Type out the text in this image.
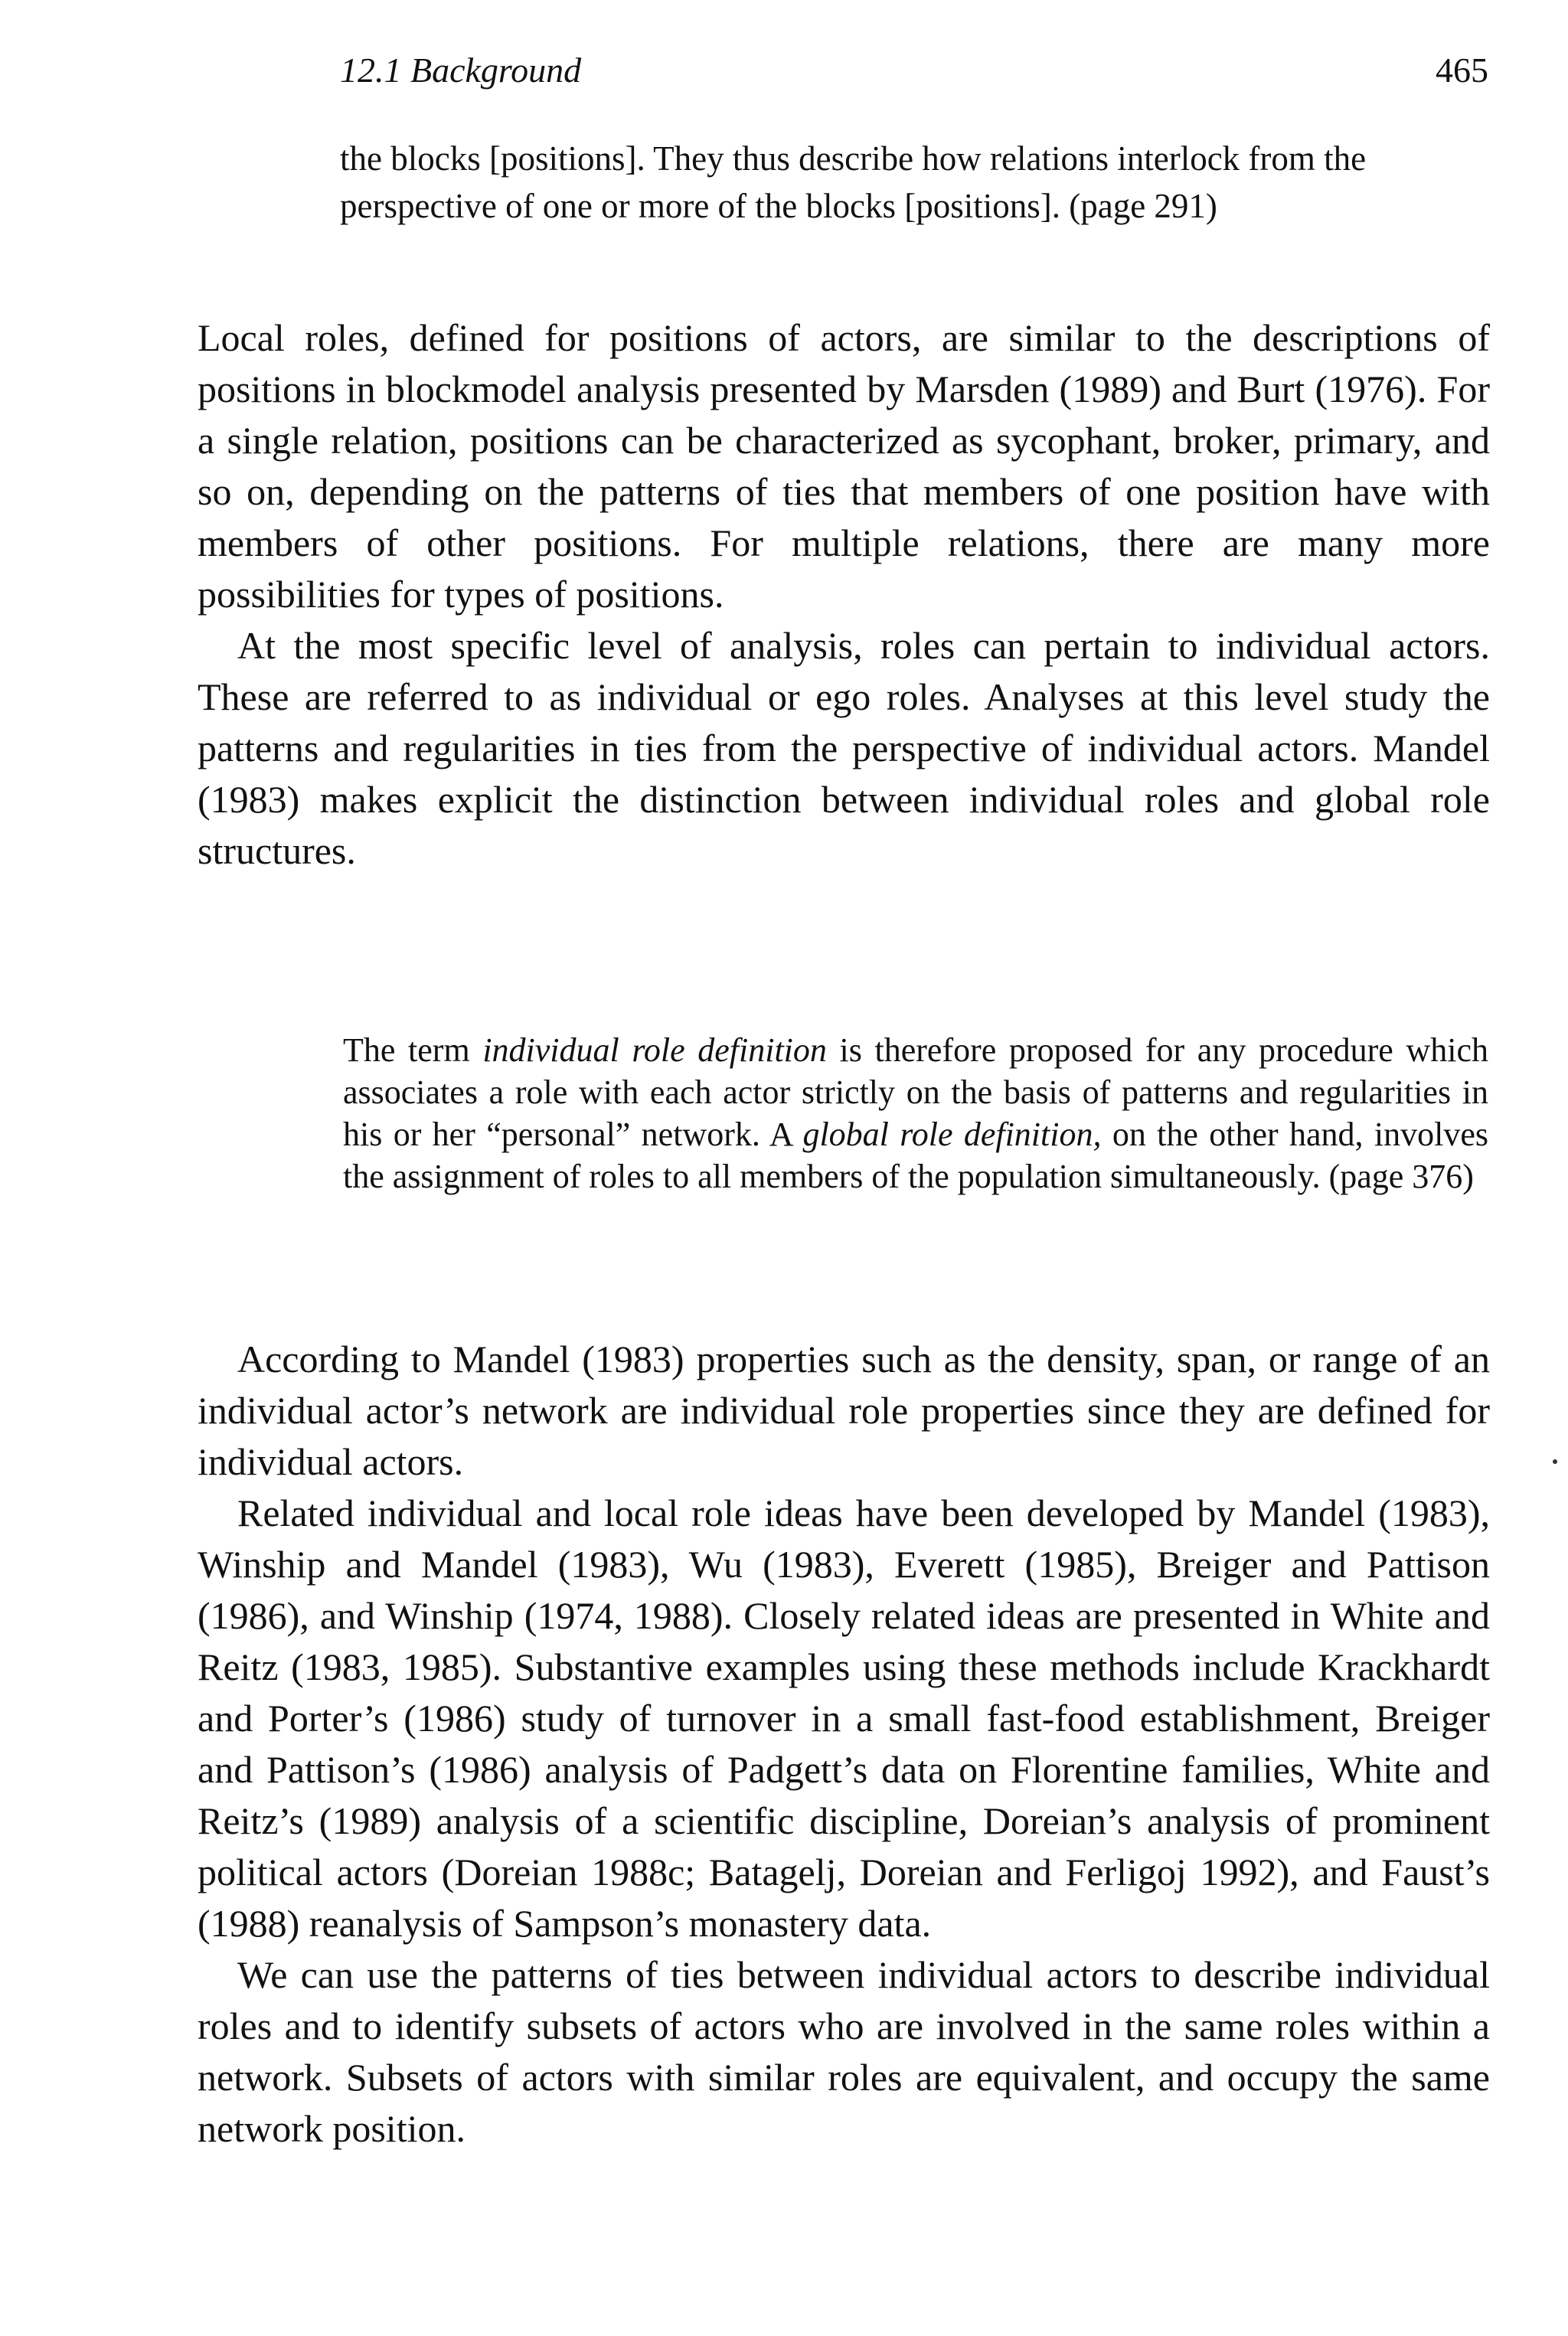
12.1 Background	465

the blocks [positions]. They thus describe how relations interlock from the perspective of one or more of the blocks [positions]. (page 291)

Local roles, defined for positions of actors, are similar to the descriptions of positions in blockmodel analysis presented by Marsden (1989) and Burt (1976). For a single relation, positions can be characterized as sycophant, broker, primary, and so on, depending on the patterns of ties that members of one position have with members of other positions. For multiple relations, there are many more possibilities for types of positions.

At the most specific level of analysis, roles can pertain to individual actors. These are referred to as individual or ego roles. Analyses at this level study the patterns and regularities in ties from the perspective of individual actors. Mandel (1983) makes explicit the distinction between individual roles and global role structures.

The term individual role definition is therefore proposed for any procedure which associates a role with each actor strictly on the basis of patterns and regularities in his or her “personal” network. A global role definition, on the other hand, involves the assignment of roles to all members of the population simultaneously. (page 376)

According to Mandel (1983) properties such as the density, span, or range of an individual actor’s network are individual role properties since they are defined for individual actors.

Related individual and local role ideas have been developed by Mandel (1983), Winship and Mandel (1983), Wu (1983), Everett (1985), Breiger and Pattison (1986), and Winship (1974, 1988). Closely related ideas are presented in White and Reitz (1983, 1985). Substantive examples using these methods include Krackhardt and Porter’s (1986) study of turnover in a small fast-food establishment, Breiger and Pattison’s (1986) analysis of Padgett’s data on Florentine families, White and Reitz’s (1989) analysis of a scientific discipline, Doreian’s analysis of prominent political actors (Doreian 1988c; Batagelj, Doreian and Ferligoj 1992), and Faust’s (1988) reanalysis of Sampson’s monastery data.

We can use the patterns of ties between individual actors to describe individual roles and to identify subsets of actors who are involved in the same roles within a network. Subsets of actors with similar roles are equivalent, and occupy the same network position.
